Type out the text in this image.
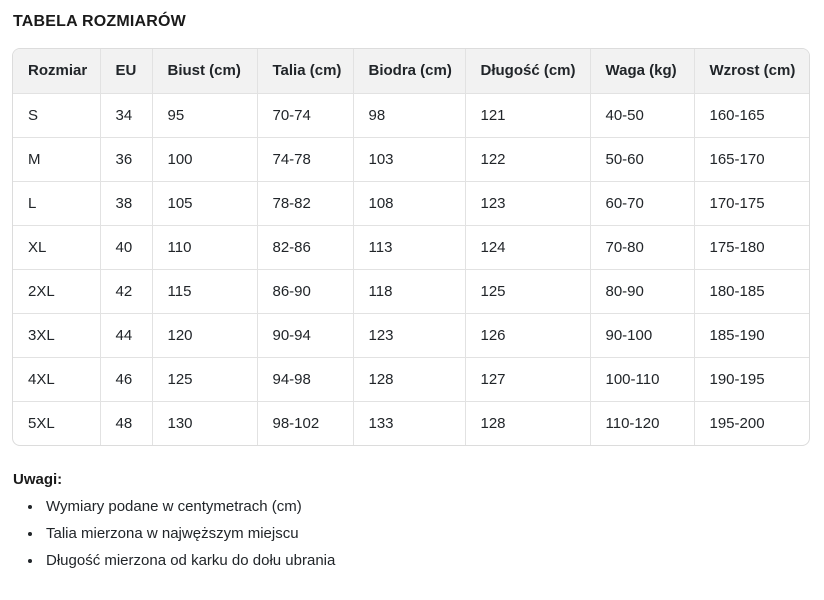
TABELA ROZMIARÓW
Rozmiar	EU	Biust (cm)	Talia (cm)	Biodra (cm)	Długość (cm)	Waga (kg)	Wzrost (cm)
S	34	95	70-74	98	121	40-50	160-165
M	36	100	74-78	103	122	50-60	165-170
L	38	105	78-82	108	123	60-70	170-175
XL	40	110	82-86	113	124	70-80	175-180
2XL	42	115	86-90	118	125	80-90	180-185
3XL	44	120	90-94	123	126	90-100	185-190
4XL	46	125	94-98	128	127	100-110	190-195
5XL	48	130	98-102	133	128	110-120	195-200
Uwagi:
• Wymiary podane w centymetrach (cm)
• Talia mierzona w najwęższym miejscu
• Długość mierzona od karku do dołu ubrania
